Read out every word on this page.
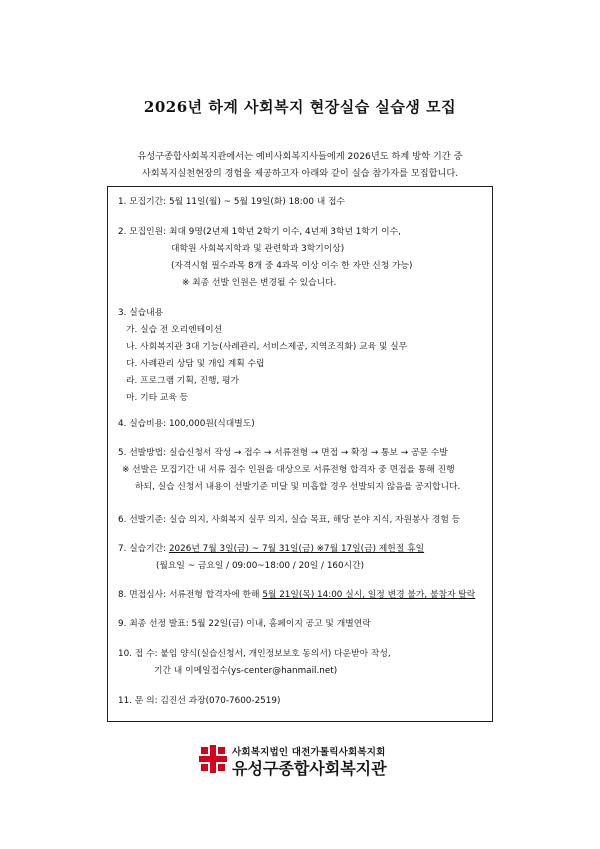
2026년 하계 사회복지 현장실습 실습생 모집
유성구종합사회복지관에서는 예비사회복지사들에게 2026년도 하계 방학 기간 중
사회복지실천현장의 경험을 제공하고자 아래와 같이 실습 참가자를 모집합니다.
1. 모집기간: 5월 11일(월) ~ 5월 19일(화) 18:00 내 접수
2. 모집인원: 최대 9명(2년제 1학년 2학기 이수, 4년제 3학년 1학기 이수,
대학원 사회복지학과 및 관련학과 3학기이상)
(자격시험 필수과목 8개 중 4과목 이상 이수 한 자만 신청 가능)
※ 최종 선발 인원은 변경될 수 있습니다.
3. 실습내용
가. 실습 전 오리엔테이션
나. 사회복지관 3대 기능(사례관리, 서비스제공, 지역조직화) 교육 및 실무
다. 사례관리 상담 및 개입 계획 수립
라. 프로그램 기획, 진행, 평가
마. 기타 교육 등
4. 실습비용: 100,000원(식대별도)
5. 선발방법: 실습신청서 작성 → 접수 → 서류전형 → 면접 → 확정 → 통보 → 공문 수발
※ 선발은 모집기간 내 서류 접수 인원을 대상으로 서류전형 합격자 중 면접을 통해 진행
하되, 실습 신청서 내용이 선발기준 미달 및 미흡할 경우 선발되지 않음을 공지합니다.
6. 선발기준: 실습 의지, 사회복지 실무 의지, 실습 목표, 해당 분야 지식, 자원봉사 경험 등
7. 실습기간: 2026년 7월 3일(금) ~ 7월 31일(금) ※7월 17일(금) 제헌절 휴일
(월요일 ~ 금요일 / 09:00~18:00 / 20일 / 160시간)
8. 면접심사: 서류전형 합격자에 한해 5월 21일(목) 14:00 실시, 일정 변경 불가, 불참자 탈락
9. 최종 선정 발표: 5월 22일(금) 이내, 홈페이지 공고 및 개별연락
10. 접 수: 붙임 양식(실습신청서, 개인정보보호 동의서) 다운받아 작성,
기간 내 이메일접수(ys-center@hanmail.net)
11. 문 의: 김진선 과장(070-7600-2519)
사회복지법인 대전가톨릭사회복지회
유성구종합사회복지관
